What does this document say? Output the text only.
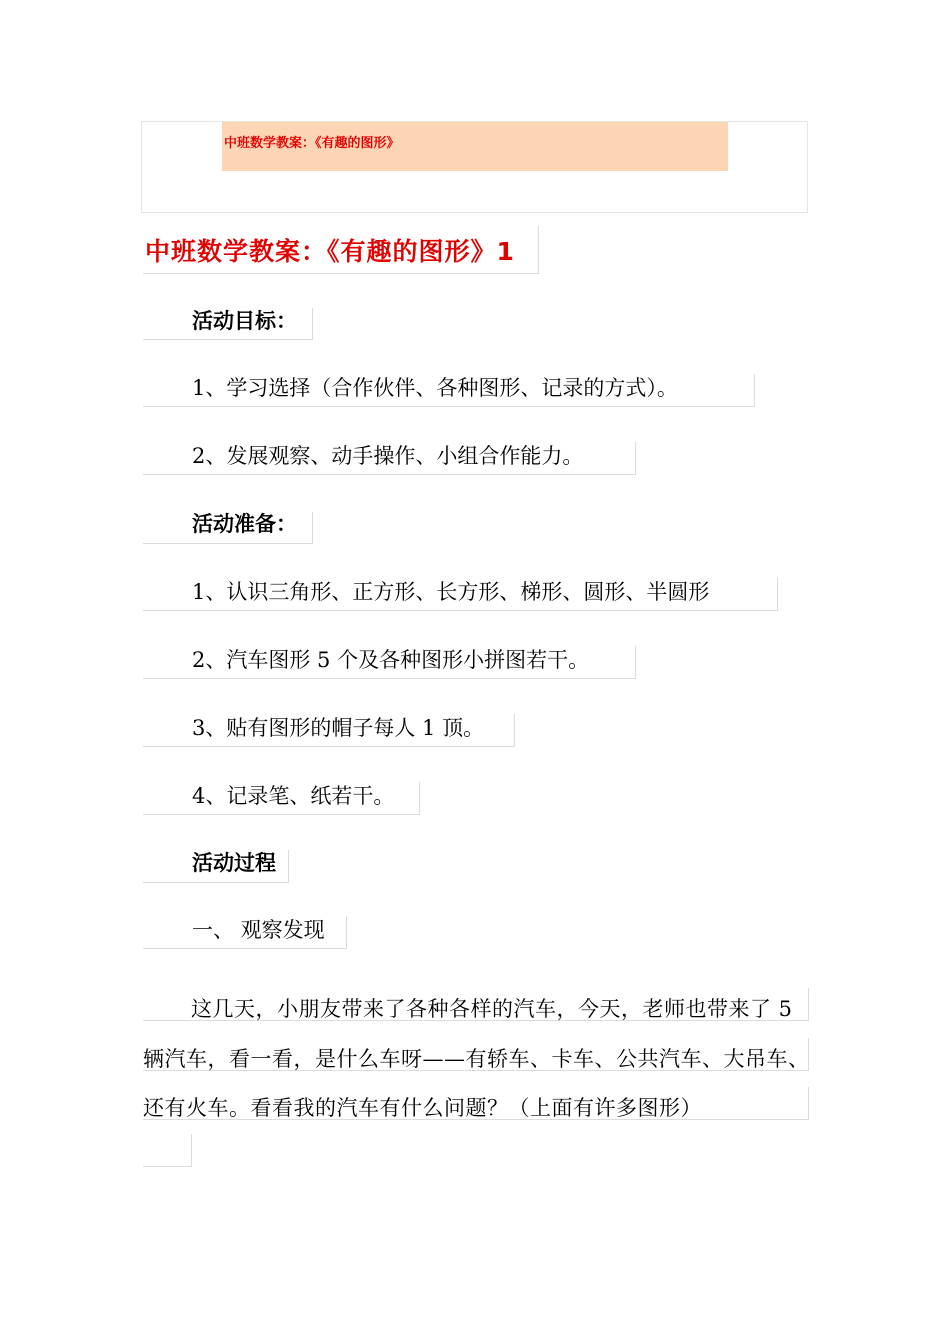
中班数学教案：《有趣的图形》
中班数学教案：《有趣的图形》1
活动目标：
1、学习选择（合作伙伴、各种图形、记录的方式）。
2、发展观察、动手操作、小组合作能力。
活动准备：
1、认识三角形、正方形、长方形、梯形、圆形、半圆形
2、汽车图形 5 个及各种图形小拼图若干。
3、贴有图形的帽子每人 1 顶。
4、记录笔、纸若干。
活动过程
一、 观察发现
这几天，小朋友带来了各种各样的汽车，今天，老师也带来了 5 辆汽车，看一看，是什么车呀——有轿车、卡车、公共汽车、大吊车、还有火车。看看我的汽车有什么问题？（上面有许多图形）
